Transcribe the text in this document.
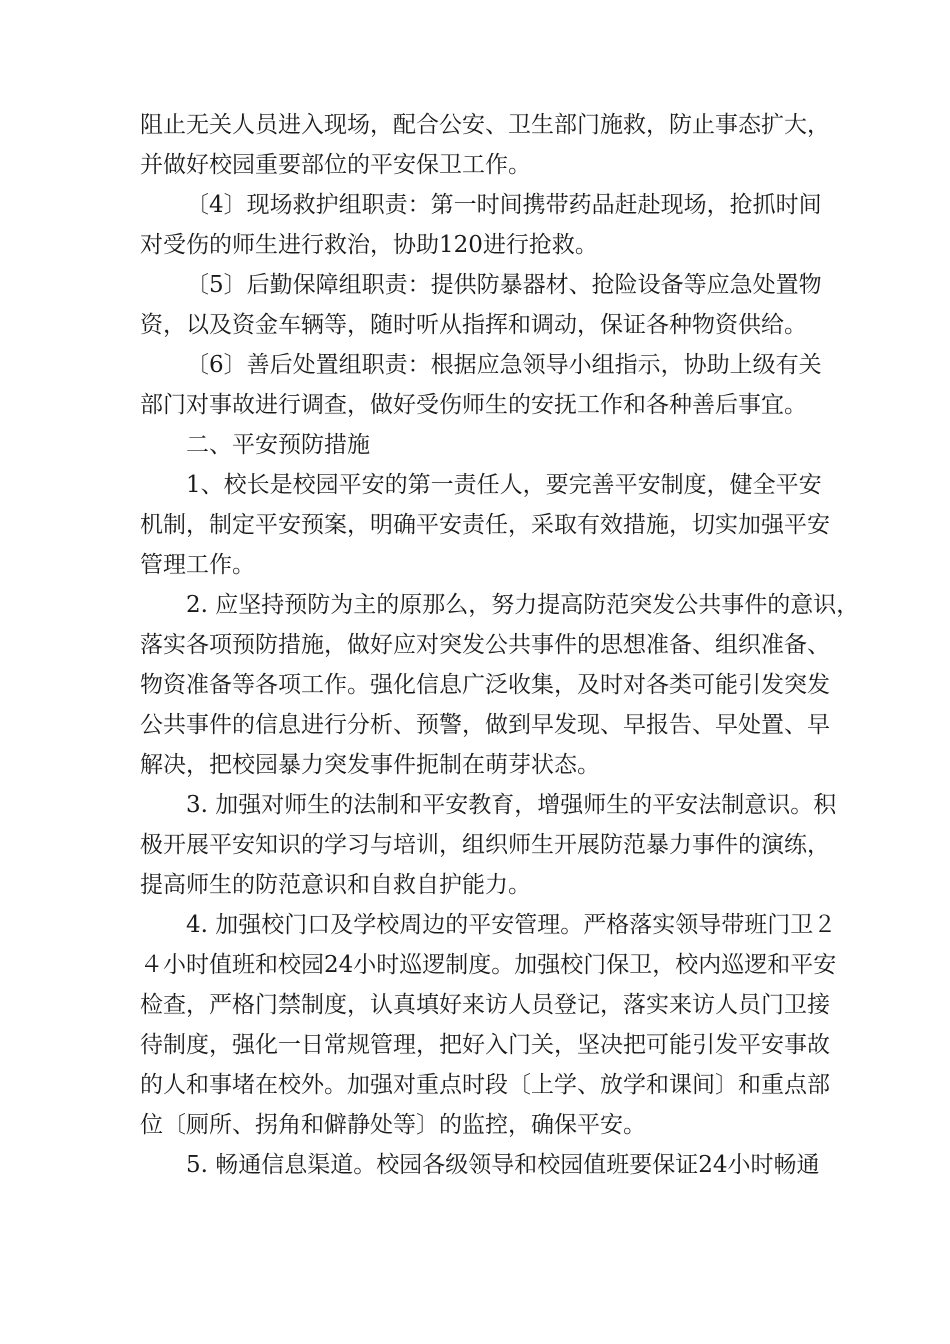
阻止无关人员进入现场，配合公安、卫生部门施救，防止事态扩大，
并做好校园重要部位的平安保卫工作。
〔4〕现场救护组职责：第一时间携带药品赶赴现场，抢抓时间
对受伤的师生进行救治，协助120进行抢救。
〔5〕后勤保障组职责：提供防暴器材、抢险设备等应急处置物
资，以及资金车辆等，随时听从指挥和调动，保证各种物资供给。
〔6〕善后处置组职责：根据应急领导小组指示，协助上级有关
部门对事故进行调查，做好受伤师生的安抚工作和各种善后事宜。
二、平安预防措施
1、校长是校园平安的第一责任人，要完善平安制度，健全平安
机制，制定平安预案，明确平安责任，采取有效措施，切实加强平安
管理工作。
2. 应坚持预防为主的原那么，努力提高防范突发公共事件的意识，
落实各项预防措施，做好应对突发公共事件的思想准备、组织准备、
物资准备等各项工作。强化信息广泛收集，及时对各类可能引发突发
公共事件的信息进行分析、预警，做到早发现、早报告、早处置、早
解决，把校园暴力突发事件扼制在萌芽状态。
3. 加强对师生的法制和平安教育，增强师生的平安法制意识。积
极开展平安知识的学习与培训，组织师生开展防范暴力事件的演练，
提高师生的防范意识和自救自护能力。
4. 加强校门口及学校周边的平安管理。严格落实领导带班门卫２
４小时值班和校园24小时巡逻制度。加强校门保卫，校内巡逻和平安
检查，严格门禁制度，认真填好来访人员登记，落实来访人员门卫接
待制度，强化一日常规管理，把好入门关，坚决把可能引发平安事故
的人和事堵在校外。加强对重点时段〔上学、放学和课间〕和重点部
位〔厕所、拐角和僻静处等〕的监控，确保平安。
5. 畅通信息渠道。校园各级领导和校园值班要保证24小时畅通
